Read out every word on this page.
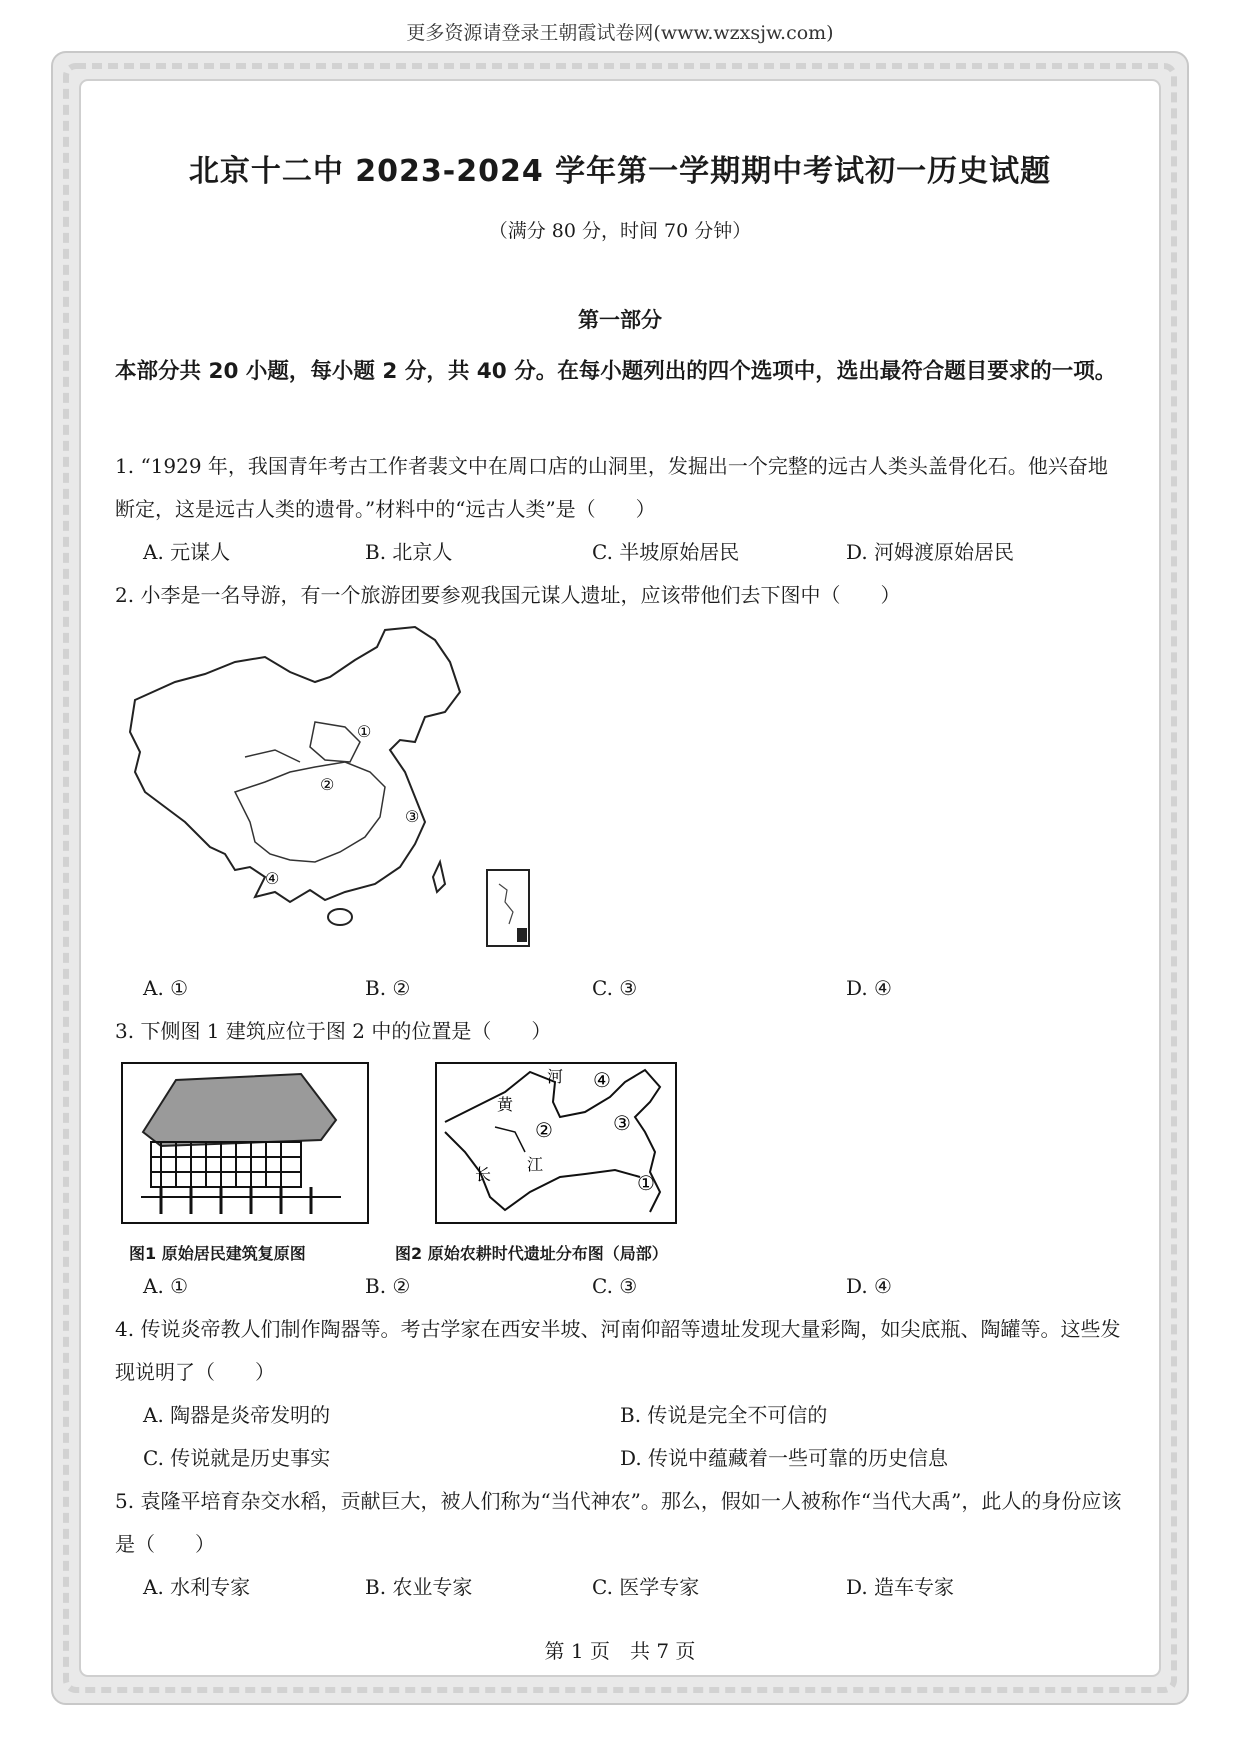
更多资源请登录王朝霞试卷网(www.wzxsjw.com)
北京十二中 2023-2024 学年第一学期期中考试初一历史试题
（满分 80 分，时间 70 分钟）
第一部分
本部分共 20 小题，每小题 2 分，共 40 分。在每小题列出的四个选项中，选出最符合题目要求的一项。
1. “1929 年，我国青年考古工作者裴文中在周口店的山洞里，发掘出一个完整的远古人类头盖骨化石。他兴奋地断定，这是远古人类的遗骨。”材料中的“远古人类”是（　　）
A. 元谋人	B. 北京人	C. 半坡原始居民	D. 河姆渡原始居民
2. 小李是一名导游，有一个旅游团要参观我国元谋人遗址，应该带他们去下图中（　　）
①
②
③
④
A. ①	B. ②	C. ③	D. ④
3. 下侧图 1 建筑应位于图 2 中的位置是（　　）
黄
河
长
江
①
②	③
④
图1 原始居民建筑复原图	图2 原始农耕时代遗址分布图（局部）
A. ①	B. ②	C. ③	D. ④
4. 传说炎帝教人们制作陶器等。考古学家在西安半坡、河南仰韶等遗址发现大量彩陶，如尖底瓶、陶罐等。这些发现说明了（　　）
A. 陶器是炎帝发明的	B. 传说是完全不可信的
C. 传说就是历史事实	D. 传说中蕴藏着一些可靠的历史信息
5. 袁隆平培育杂交水稻，贡献巨大，被人们称为“当代神农”。那么，假如一人被称作“当代大禹”，此人的身份应该是（　　）
A. 水利专家	B. 农业专家	C. 医学专家	D. 造车专家
第 1 页　共 7 页
